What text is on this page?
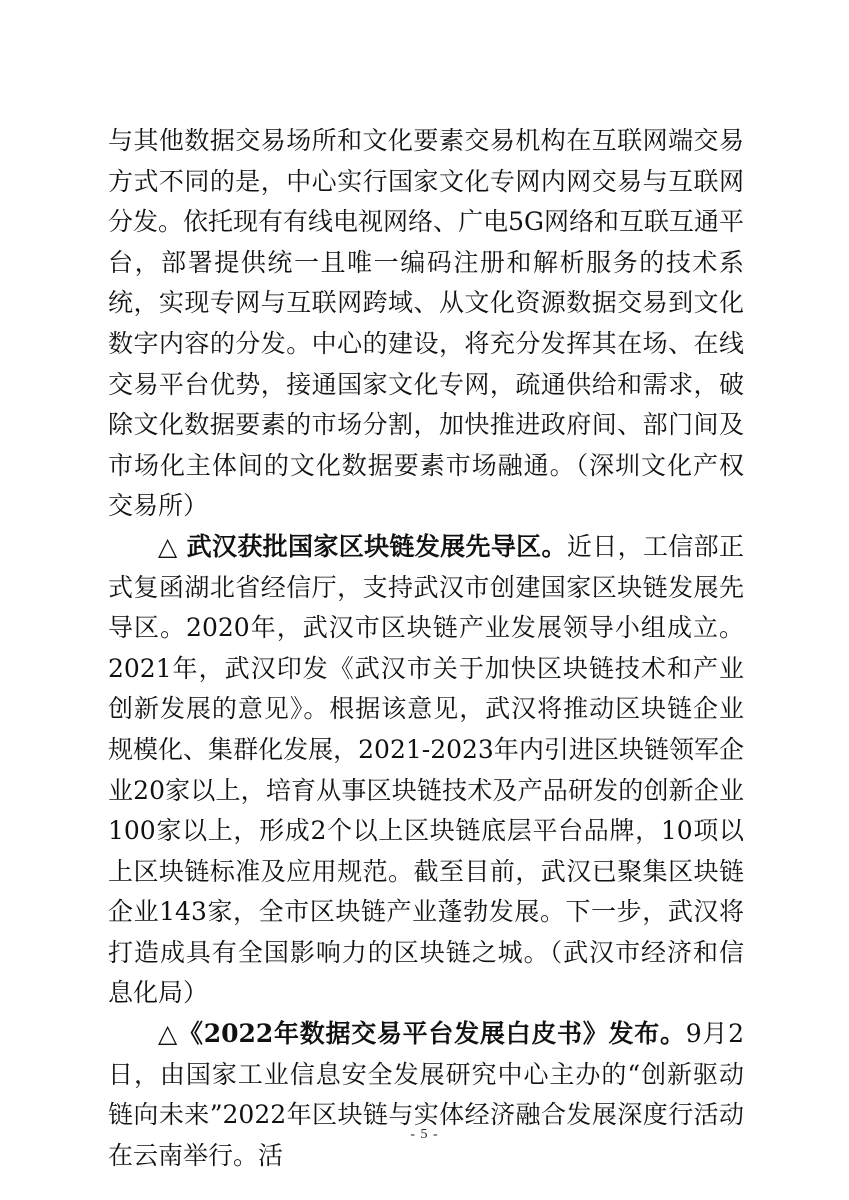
与其他数据交易场所和文化要素交易机构在互联网端交易方式不同的是，中心实行国家文化专网内网交易与互联网分发。依托现有有线电视网络、广电5G网络和互联互通平台，部署提供统一且唯一编码注册和解析服务的技术系统，实现专网与互联网跨域、从文化资源数据交易到文化数字内容的分发。中心的建设，将充分发挥其在场、在线交易平台优势，接通国家文化专网，疏通供给和需求，破除文化数据要素的市场分割，加快推进政府间、部门间及市场化主体间的文化数据要素市场融通。（深圳文化产权交易所）

△ 武汉获批国家区块链发展先导区。近日，工信部正式复函湖北省经信厅，支持武汉市创建国家区块链发展先导区。2020年，武汉市区块链产业发展领导小组成立。2021年，武汉印发《武汉市关于加快区块链技术和产业创新发展的意见》。根据该意见，武汉将推动区块链企业规模化、集群化发展，2021-2023年内引进区块链领军企业20家以上，培育从事区块链技术及产品研发的创新企业100家以上，形成2个以上区块链底层平台品牌，10项以上区块链标准及应用规范。截至目前，武汉已聚集区块链企业143家，全市区块链产业蓬勃发展。下一步，武汉将打造成具有全国影响力的区块链之城。（武汉市经济和信息化局）

△《2022年数据交易平台发展白皮书》发布。9月2日，由国家工业信息安全发展研究中心主办的“创新驱动 链向未来”2022年区块链与实体经济融合发展深度行活动在云南举行。活

- 5 -
